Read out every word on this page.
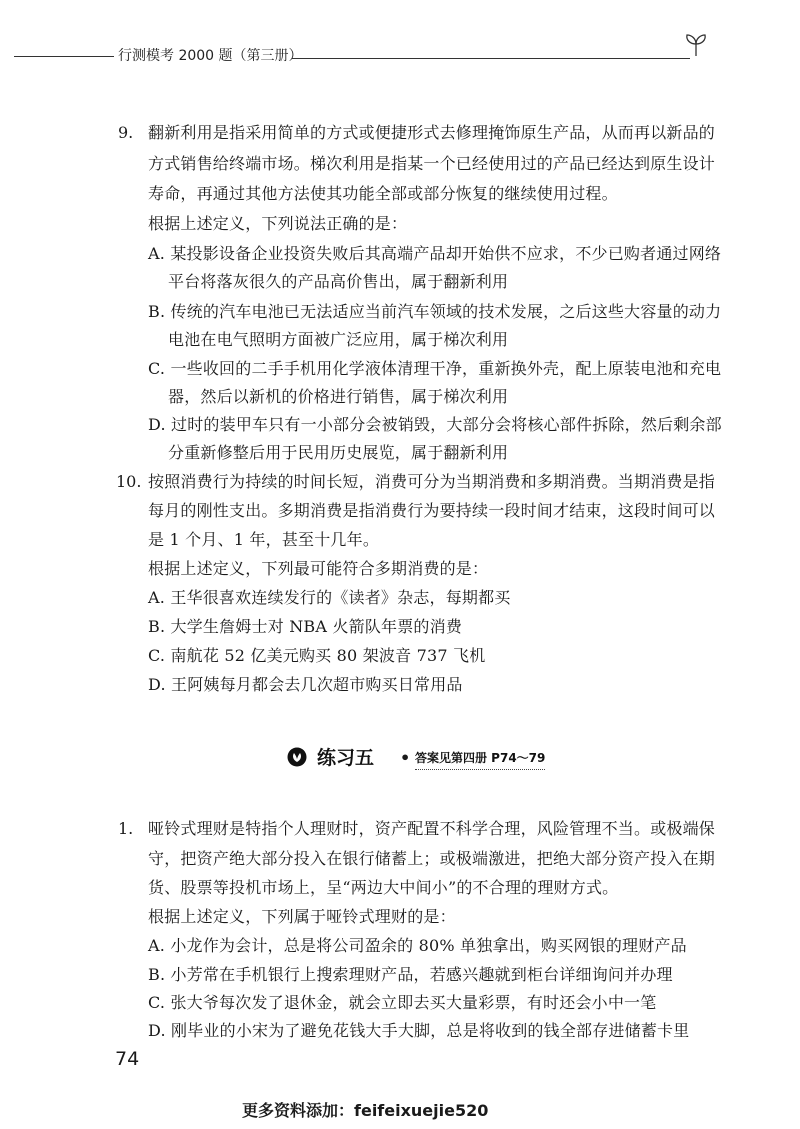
行测模考 2000 题（第三册）
9. 翻新利用是指采用简单的方式或便捷形式去修理掩饰原生产品，从而再以新品的
方式销售给终端市场。梯次利用是指某一个已经使用过的产品已经达到原生设计
寿命，再通过其他方法使其功能全部或部分恢复的继续使用过程。
根据上述定义，下列说法正确的是：
A. 某投影设备企业投资失败后其高端产品却开始供不应求，不少已购者通过网络
平台将落灰很久的产品高价售出，属于翻新利用
B. 传统的汽车电池已无法适应当前汽车领域的技术发展，之后这些大容量的动力
电池在电气照明方面被广泛应用，属于梯次利用
C. 一些收回的二手手机用化学液体清理干净，重新换外壳，配上原装电池和充电
器，然后以新机的价格进行销售，属于梯次利用
D. 过时的装甲车只有一小部分会被销毁，大部分会将核心部件拆除，然后剩余部
分重新修整后用于民用历史展览，属于翻新利用
10. 按照消费行为持续的时间长短，消费可分为当期消费和多期消费。当期消费是指
每月的刚性支出。多期消费是指消费行为要持续一段时间才结束，这段时间可以
是 1 个月、1 年，甚至十几年。
根据上述定义，下列最可能符合多期消费的是：
A. 王华很喜欢连续发行的《读者》杂志，每期都买
B. 大学生詹姆士对 NBA 火箭队年票的消费
C. 南航花 52 亿美元购买 80 架波音 737 飞机
D. 王阿姨每月都会去几次超市购买日常用品
练习五 • 答案见第四册 P74～79
1. 哑铃式理财是特指个人理财时，资产配置不科学合理，风险管理不当。或极端保
守，把资产绝大部分投入在银行储蓄上；或极端激进，把绝大部分资产投入在期
货、股票等投机市场上，呈“两边大中间小”的不合理的理财方式。
根据上述定义，下列属于哑铃式理财的是：
A. 小龙作为会计，总是将公司盈余的 80% 单独拿出，购买网银的理财产品
B. 小芳常在手机银行上搜索理财产品，若感兴趣就到柜台详细询问并办理
C. 张大爷每次发了退休金，就会立即去买大量彩票，有时还会小中一笔
D. 刚毕业的小宋为了避免花钱大手大脚，总是将收到的钱全部存进储蓄卡里
74
更多资料添加：feifeixuejie520
